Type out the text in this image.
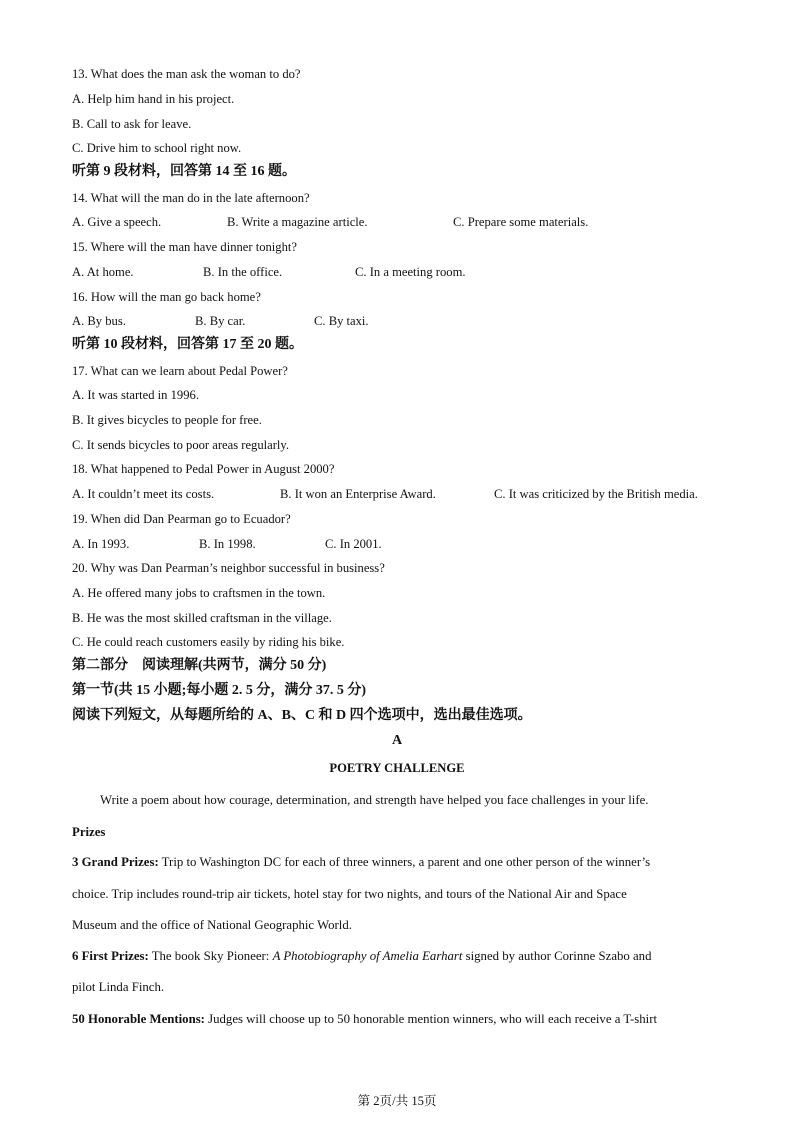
13. What does the man ask the woman to do?
A. Help him hand in his project.
B. Call to ask for leave.
C. Drive him to school right now.
听第 9 段材料，回答第 14 至 16 题。
14. What will the man do in the late afternoon?
A. Give a speech.	B. Write a magazine article.	C. Prepare some materials.
15. Where will the man have dinner tonight?
A. At home.	B. In the office.	C. In a meeting room.
16. How will the man go back home?
A. By bus.	B. By car.	C. By taxi.
听第 10 段材料，回答第 17 至 20 题。
17. What can we learn about Pedal Power?
A. It was started in 1996.
B. It gives bicycles to people for free.
C. It sends bicycles to poor areas regularly.
18. What happened to Pedal Power in August 2000?
A. It couldn’t meet its costs.	B. It won an Enterprise Award.	C. It was criticized by the British media.
19. When did Dan Pearman go to Ecuador?
A. In 1993.	B. In 1998.	C. In 2001.
20. Why was Dan Pearman’s neighbor successful in business?
A. He offered many jobs to craftsmen in the town.
B. He was the most skilled craftsman in the village.
C. He could reach customers easily by riding his bike.
第二部分　阅读理解(共两节，满分 50 分)
第一节(共 15 小题;每小题 2. 5 分，满分 37. 5 分)
阅读下列短文，从每题所给的 A、B、C 和 D 四个选项中，选出最佳选项。
A
POETRY CHALLENGE
Write a poem about how courage, determination, and strength have helped you face challenges in your life.
Prizes
3 Grand Prizes: Trip to Washington DC for each of three winners, a parent and one other person of the winner’s
choice. Trip includes round-trip air tickets, hotel stay for two nights, and tours of the National Air and Space
Museum and the office of National Geographic World.
6 First Prizes: The book Sky Pioneer: A Photobiography of Amelia Earhart signed by author Corinne Szabo and
pilot Linda Finch.
50 Honorable Mentions: Judges will choose up to 50 honorable mention winners, who will each receive a T-shirt
第 2页/共 15页
